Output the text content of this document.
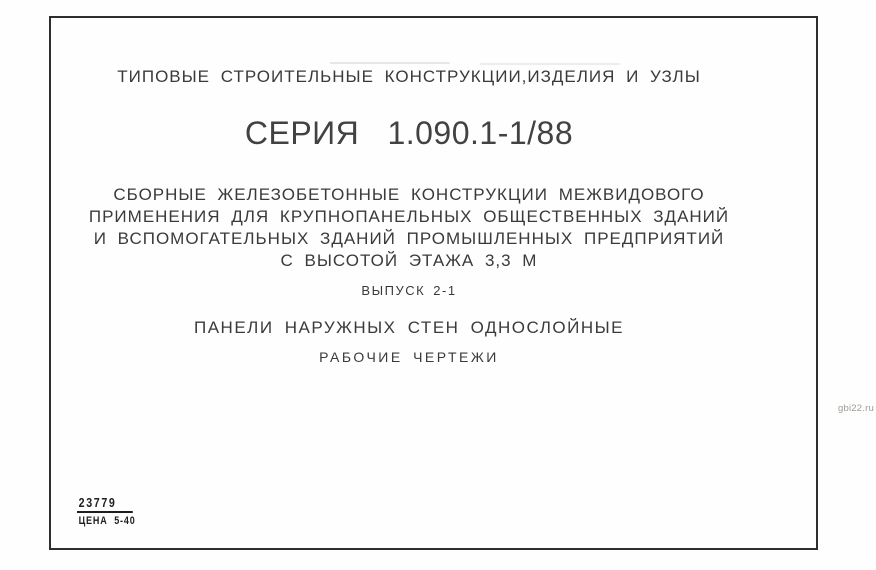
ТИПОВЫЕ СТРОИТЕЛЬНЫЕ КОНСТРУКЦИИ,ИЗДЕЛИЯ И УЗЛЫ
СЕРИЯ   1.090.1-1/88
СБОРНЫЕ ЖЕЛЕЗОБЕТОННЫЕ КОНСТРУКЦИИ МЕЖВИДОВОГО
ПРИМЕНЕНИЯ ДЛЯ КРУПНОПАНЕЛЬНЫХ ОБЩЕСТВЕННЫХ ЗДАНИЙ
И ВСПОМОГАТЕЛЬНЫХ ЗДАНИЙ ПРОМЫШЛЕННЫХ ПРЕДПРИЯТИЙ
С ВЫСОТОЙ ЭТАЖА 3,3 М
ВЫПУСК 2-1
ПАНЕЛИ НАРУЖНЫХ СТЕН ОДНОСЛОЙНЫЕ
РАБОЧИЕ ЧЕРТЕЖИ
23779
ЦЕНА  5-40
gbi22.ru
